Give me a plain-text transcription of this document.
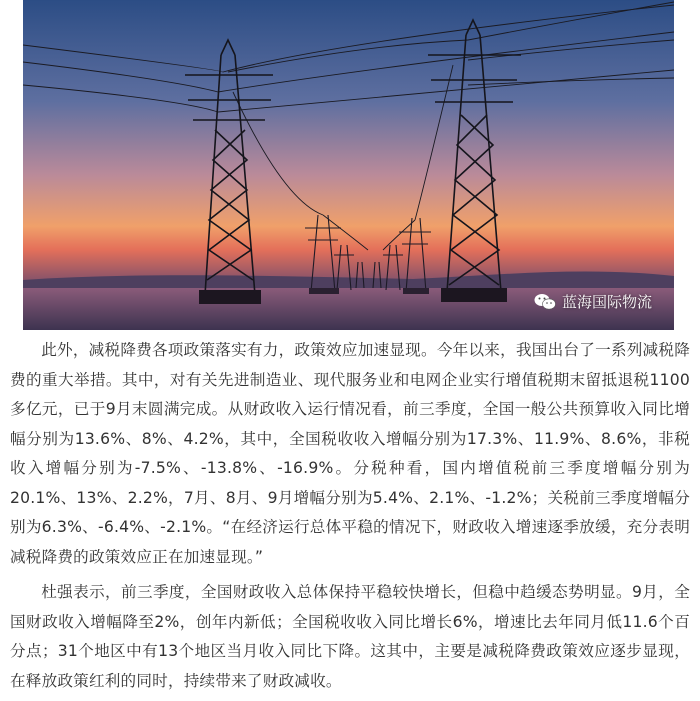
蓝海国际物流

此外，减税降费各项政策落实有力，政策效应加速显现。今年以来，我国出台了一系列减税降费的重大举措。其中，对有关先进制造业、现代服务业和电网企业实行增值税期末留抵退税1100多亿元，已于9月末圆满完成。从财政收入运行情况看，前三季度，全国一般公共预算收入同比增幅分别为13.6%、8%、4.2%，其中，全国税收收入增幅分别为17.3%、11.9%、8.6%，非税收入增幅分别为-7.5%、-13.8%、-16.9%。分税种看，国内增值税前三季度增幅分别为20.1%、13%、2.2%，7月、8月、9月增幅分别为5.4%、2.1%、-1.2%；关税前三季度增幅分别为6.3%、-6.4%、-2.1%。“在经济运行总体平稳的情况下，财政收入增速逐季放缓，充分表明减税降费的政策效应正在加速显现。”

杜强表示，前三季度，全国财政收入总体保持平稳较快增长，但稳中趋缓态势明显。9月，全国财政收入增幅降至2%，创年内新低；全国税收收入同比增长6%，增速比去年同月低11.6个百分点；31个地区中有13个地区当月收入同比下降。这其中，主要是减税降费政策效应逐步显现，在释放政策红利的同时，持续带来了财政减收。
